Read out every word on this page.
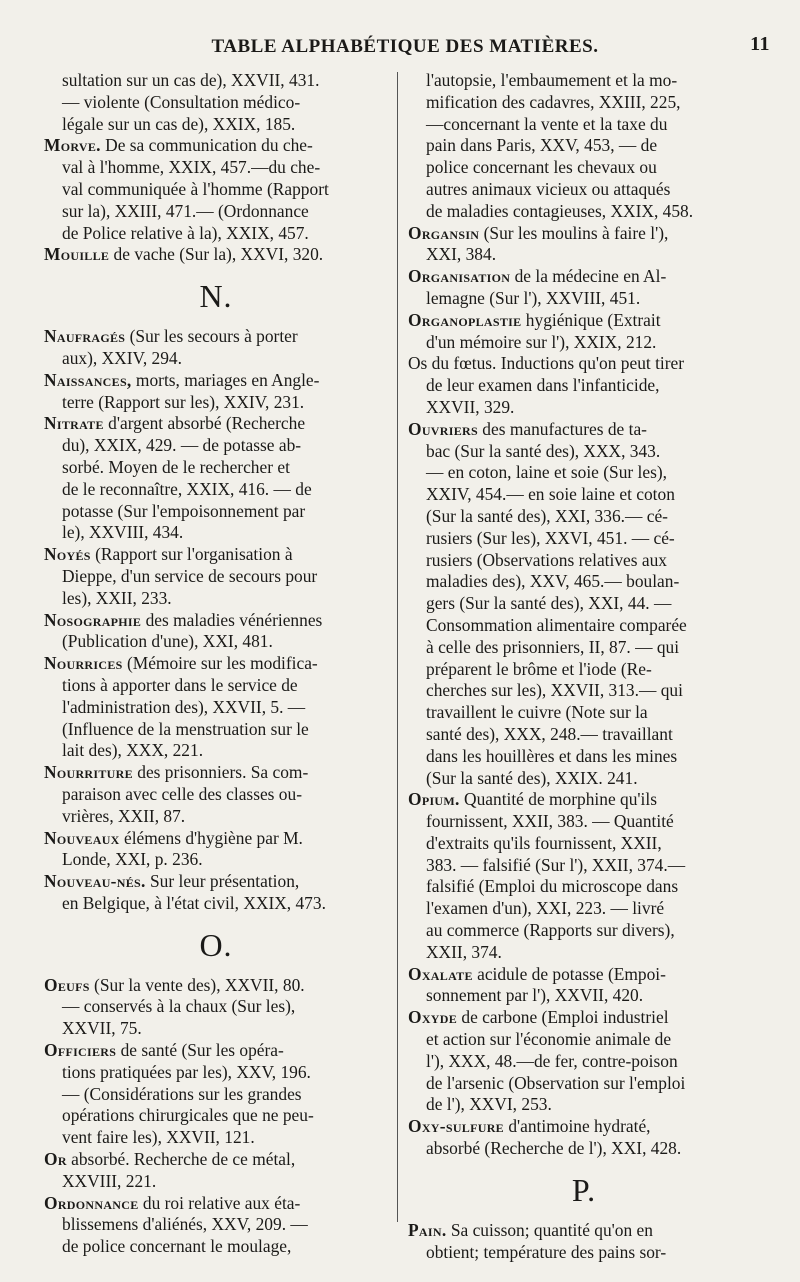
TABLE ALPHABÉTIQUE DES MATIÈRES.	11
sultation sur un cas de), XXVII, 431.
— violente (Consultation médico-
légale sur un cas de), XXIX, 185.
Morve. De sa communication du che-
val à l'homme, XXIX, 457.—du che-
val communiquée à l'homme (Rapport
sur la), XXIII, 471.— (Ordonnance
de Police relative à la), XXIX, 457.
Mouille de vache (Sur la), XXVI, 320.
N.
Naufragés (Sur les secours à porter
aux), XXIV, 294.
Naissances, morts, mariages en Angle-
terre (Rapport sur les), XXIV, 231.
Nitrate d'argent absorbé (Recherche
du), XXIX, 429. — de potasse ab-
sorbé. Moyen de le rechercher et
de le reconnaître, XXIX, 416. — de
potasse (Sur l'empoisonnement par
le), XXVIII, 434.
Noyés (Rapport sur l'organisation à
Dieppe, d'un service de secours pour
les), XXII, 233.
Nosographie des maladies vénériennes
(Publication d'une), XXI, 481.
Nourrices (Mémoire sur les modifica-
tions à apporter dans le service de
l'administration des), XXVII, 5. —
(Influence de la menstruation sur le
lait des), XXX, 221.
Nourriture des prisonniers. Sa com-
paraison avec celle des classes ou-
vrières, XXII, 87.
Nouveaux élémens d'hygiène par M.
Londe, XXI, p. 236.
Nouveau-nés. Sur leur présentation,
en Belgique, à l'état civil, XXIX, 473.
O.
Oeufs (Sur la vente des), XXVII, 80.
— conservés à la chaux (Sur les),
XXVII, 75.
Officiers de santé (Sur les opéra-
tions pratiquées par les), XXV, 196.
— (Considérations sur les grandes
opérations chirurgicales que ne peu-
vent faire les), XXVII, 121.
Or absorbé. Recherche de ce métal,
XXVIII, 221.
Ordonnance du roi relative aux éta-
blissemens d'aliénés, XXV, 209. —
de police concernant le moulage,
l'autopsie, l'embaumement et la mo-
mification des cadavres, XXIII, 225,
—concernant la vente et la taxe du
pain dans Paris, XXV, 453, — de
police concernant les chevaux ou
autres animaux vicieux ou attaqués
de maladies contagieuses, XXIX, 458.
Organsin (Sur les moulins à faire l'),
XXI, 384.
Organisation de la médecine en Al-
lemagne (Sur l'), XXVIII, 451.
Organoplastie hygiénique (Extrait
d'un mémoire sur l'), XXIX, 212.
Os du fœtus. Inductions qu'on peut tirer
de leur examen dans l'infanticide,
XXVII, 329.
Ouvriers des manufactures de ta-
bac (Sur la santé des), XXX, 343.
— en coton, laine et soie (Sur les),
XXIV, 454.— en soie laine et coton
(Sur la santé des), XXI, 336.— cé-
rusiers (Sur les), XXVI, 451. — cé-
rusiers (Observations relatives aux
maladies des), XXV, 465.— boulan-
gers (Sur la santé des), XXI, 44. —
Consommation alimentaire comparée
à celle des prisonniers, II, 87. — qui
préparent le brôme et l'iode (Re-
cherches sur les), XXVII, 313.— qui
travaillent le cuivre (Note sur la
santé des), XXX, 248.— travaillant
dans les houillères et dans les mines
(Sur la santé des), XXIX. 241.
Opium. Quantité de morphine qu'ils
fournissent, XXII, 383. — Quantité
d'extraits qu'ils fournissent, XXII,
383. — falsifié (Sur l'), XXII, 374.—
falsifié (Emploi du microscope dans
l'examen d'un), XXI, 223. — livré
au commerce (Rapports sur divers),
XXII, 374.
Oxalate acidule de potasse (Empoi-
sonnement par l'), XXVII, 420.
Oxyde de carbone (Emploi industriel
et action sur l'économie animale de
l'), XXX, 48.—de fer, contre-poison
de l'arsenic (Observation sur l'emploi
de l'), XXVI, 253.
Oxy-sulfure d'antimoine hydraté,
absorbé (Recherche de l'), XXI, 428.
P.
Pain. Sa cuisson; quantité qu'on en
obtient; température des pains sor-
